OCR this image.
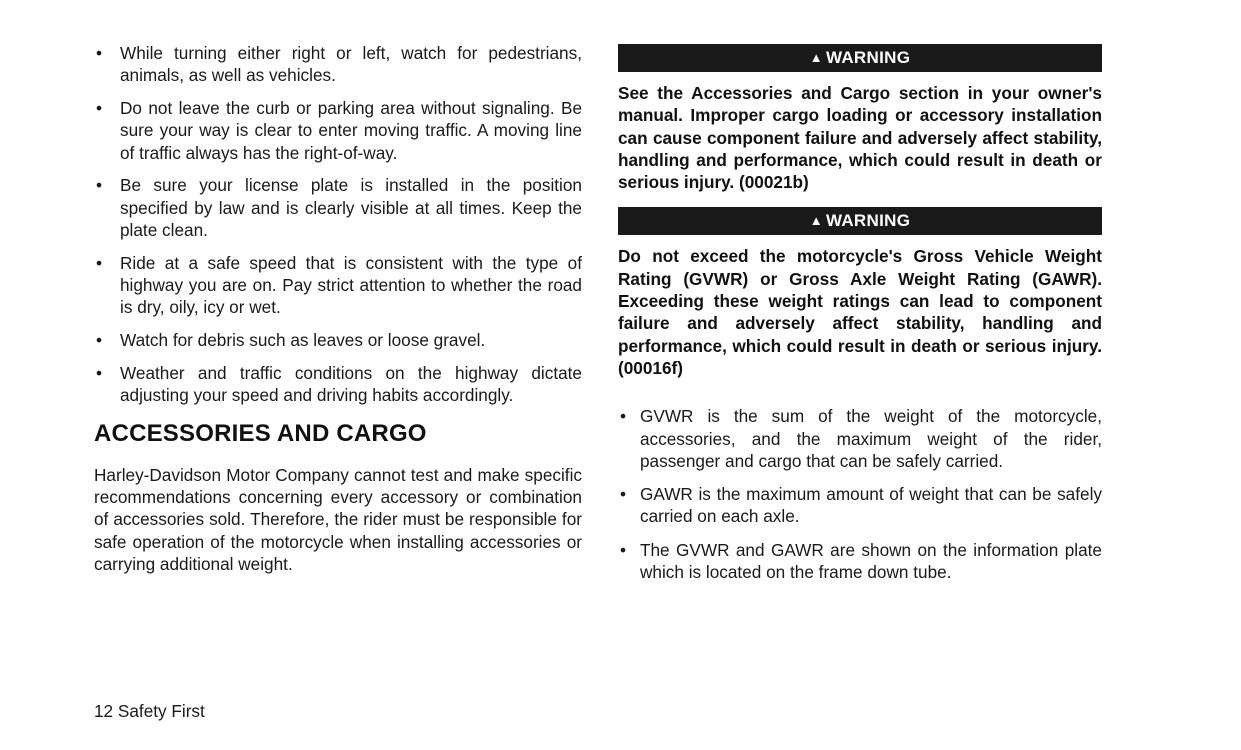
• While turning either right or left, watch for pedestrians, animals, as well as vehicles.
• Do not leave the curb or parking area without signaling. Be sure your way is clear to enter moving traffic. A moving line of traffic always has the right-of-way.
• Be sure your license plate is installed in the position specified by law and is clearly visible at all times. Keep the plate clean.
• Ride at a safe speed that is consistent with the type of highway you are on. Pay strict attention to whether the road is dry, oily, icy or wet.
• Watch for debris such as leaves or loose gravel.
• Weather and traffic conditions on the highway dictate adjusting your speed and driving habits accordingly.
ACCESSORIES AND CARGO

Harley-Davidson Motor Company cannot test and make specific recommendations concerning every accessory or combination of accessories sold. Therefore, the rider must be responsible for safe operation of the motorcycle when installing accessories or carrying additional weight.

▲ WARNING

See the Accessories and Cargo section in your owner's manual. Improper cargo loading or accessory installation can cause component failure and adversely affect stability, handling and performance, which could result in death or serious injury. (00021b)

▲ WARNING

Do not exceed the motorcycle's Gross Vehicle Weight Rating (GVWR) or Gross Axle Weight Rating (GAWR). Exceeding these weight ratings can lead to component failure and adversely affect stability, handling and performance, which could result in death or serious injury. (00016f)

• GVWR is the sum of the weight of the motorcycle, accessories, and the maximum weight of the rider, passenger and cargo that can be safely carried.
• GAWR is the maximum amount of weight that can be safely carried on each axle.
• The GVWR and GAWR are shown on the information plate which is located on the frame down tube.
12 Safety First
